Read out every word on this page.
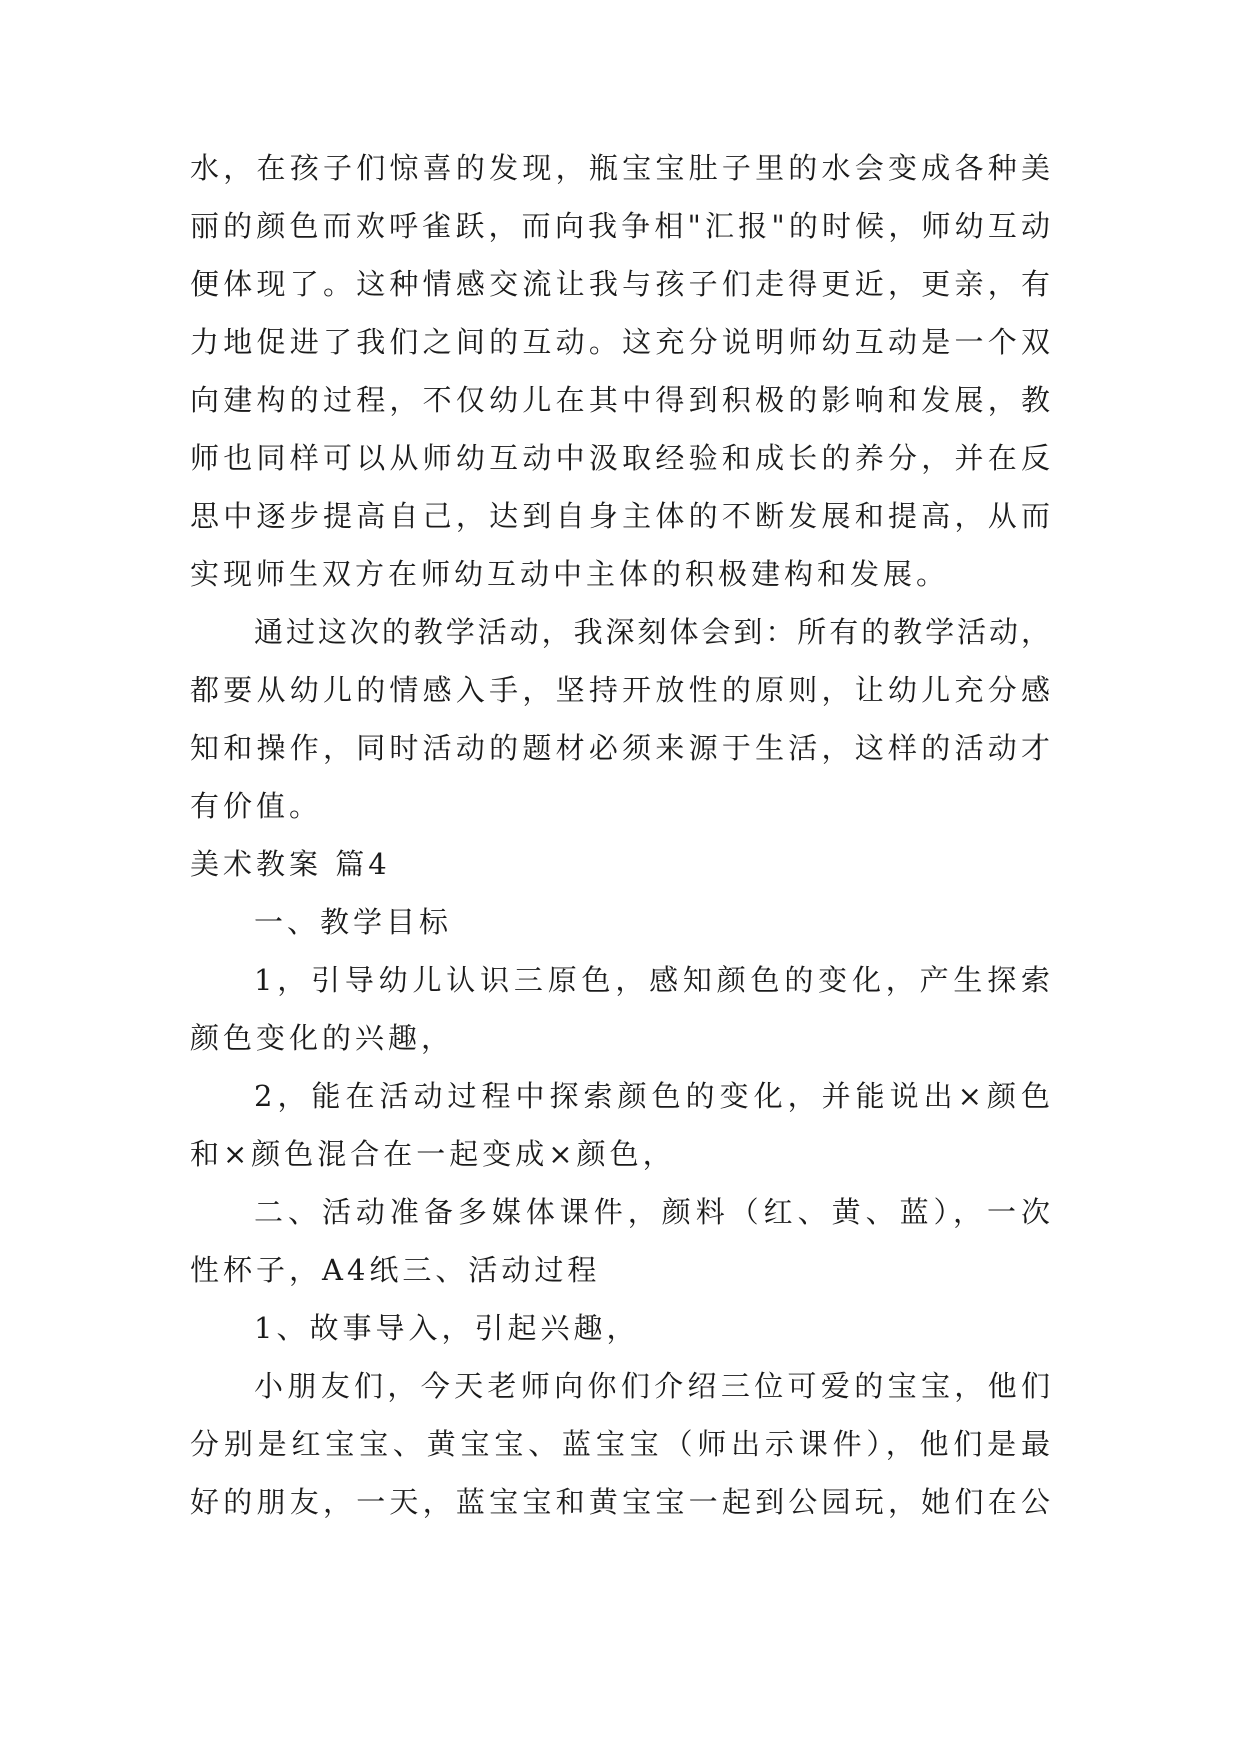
水，在孩子们惊喜的发现，瓶宝宝肚子里的水会变成各种美
丽的颜色而欢呼雀跃，而向我争相"汇报"的时候，师幼互动
便体现了。这种情感交流让我与孩子们走得更近，更亲，有
力地促进了我们之间的互动。这充分说明师幼互动是一个双
向建构的过程，不仅幼儿在其中得到积极的影响和发展，教
师也同样可以从师幼互动中汲取经验和成长的养分，并在反
思中逐步提高自己，达到自身主体的不断发展和提高，从而
实现师生双方在师幼互动中主体的积极建构和发展。
通过这次的教学活动，我深刻体会到：所有的教学活动，
都要从幼儿的情感入手，坚持开放性的原则，让幼儿充分感
知和操作，同时活动的题材必须来源于生活，这样的活动才
有价值。
美术教案 篇4
一、教学目标
1，引导幼儿认识三原色，感知颜色的变化，产生探索
颜色变化的兴趣，
2，能在活动过程中探索颜色的变化，并能说出×颜色
和×颜色混合在一起变成×颜色，
二、活动准备多媒体课件，颜料（红、黄、蓝），一次
性杯子，A4纸三、活动过程
1、故事导入，引起兴趣，
小朋友们，今天老师向你们介绍三位可爱的宝宝，他们
分别是红宝宝、黄宝宝、蓝宝宝（师出示课件），他们是最
好的朋友，一天，蓝宝宝和黄宝宝一起到公园玩，她们在公
